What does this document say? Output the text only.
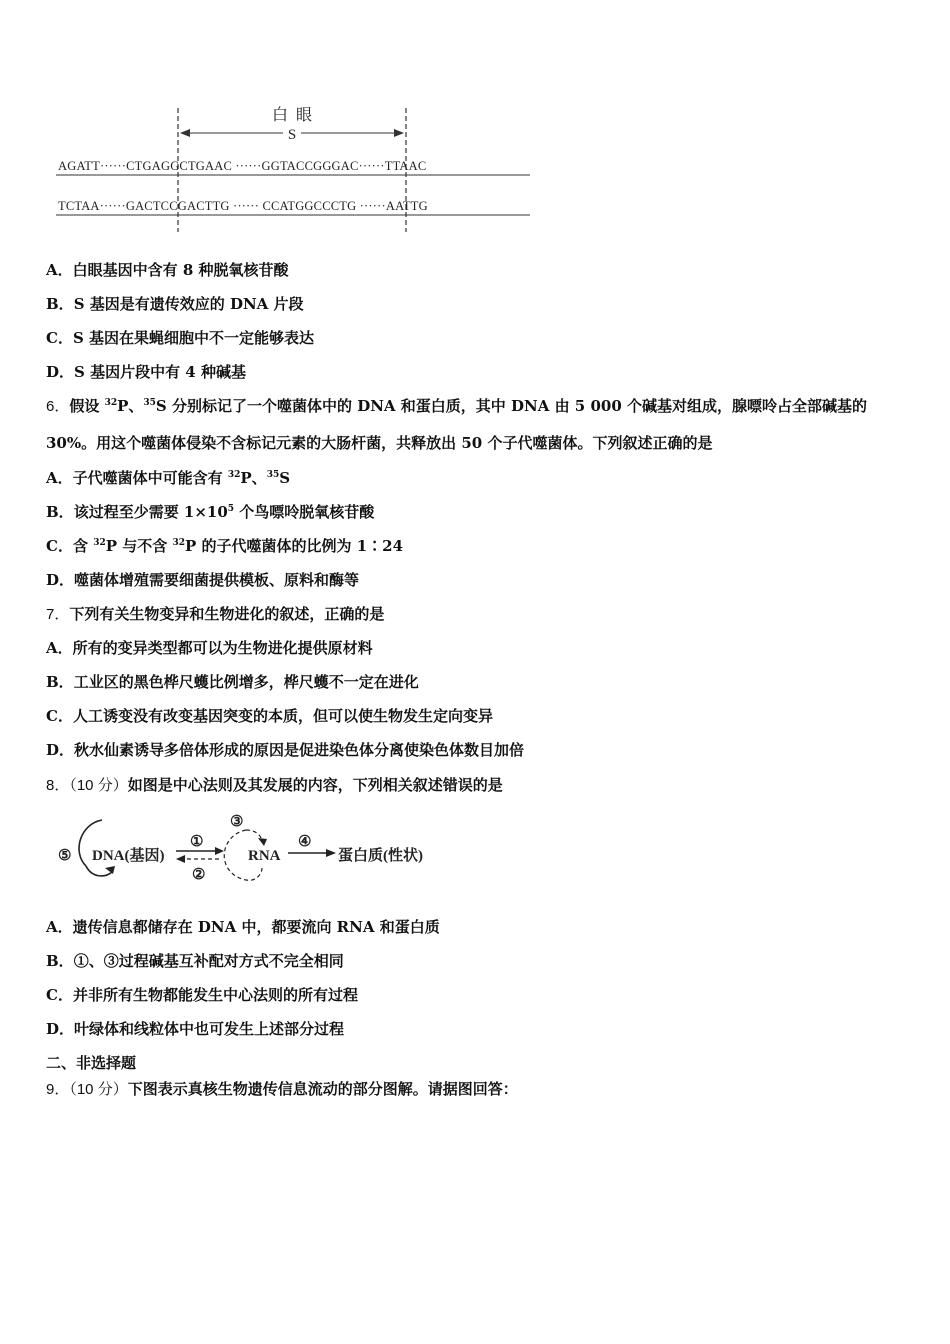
白  眼
S
AGATT······CTGAGGCTGAAC ······GGTACCGGGAC······TTAAC
TCTAA······GACTCCGACTTG ······ CCATGGCCCTG ······AATTG
A．白眼基因中含有 8 种脱氧核苷酸
B．S 基因是有遗传效应的 DNA 片段
C．S 基因在果蝇细胞中不一定能够表达
D．S 基因片段中有 4 种碱基
6．假设 $^{32}$P、$^{35}$S 分别标记了一个噬菌体中的 DNA 和蛋白质，其中 DNA 由 5 000 个碱基对组成，腺嘌呤占全部碱基的
30%。用这个噬菌体侵染不含标记元素的大肠杆菌，共释放出 50 个子代噬菌体。下列叙述正确的是
A．子代噬菌体中可能含有 $^{32}$P、$^{35}$S
B．该过程至少需要 $1\times 10^5$ 个鸟嘌呤脱氧核苷酸
C．含 $^{32}$P 与不含 $^{32}$P 的子代噬菌体的比例为 1∶24
D．噬菌体增殖需要细菌提供模板、原料和酶等
7．下列有关生物变异和生物进化的叙述，正确的是
A．所有的变异类型都可以为生物进化提供原材料
B．工业区的黑色桦尺蠖比例增多，桦尺蠖不一定在进化
C．人工诱变没有改变基因突变的本质，但可以使生物发生定向变异
D．秋水仙素诱导多倍体形成的原因是促进染色体分离使染色体数目加倍
8．（10 分）如图是中心法则及其发展的内容，下列相关叙述错误的是
⑤ DNA(基因)
①
②
③
RNA
④
蛋白质(性状)
A．遗传信息都储存在 DNA 中，都要流向 RNA 和蛋白质
B．①、③过程碱基互补配对方式不完全相同
C．并非所有生物都能发生中心法则的所有过程
D．叶绿体和线粒体中也可发生上述部分过程
二、非选择题
9．（10 分）下图表示真核生物遗传信息流动的部分图解。请据图回答：
